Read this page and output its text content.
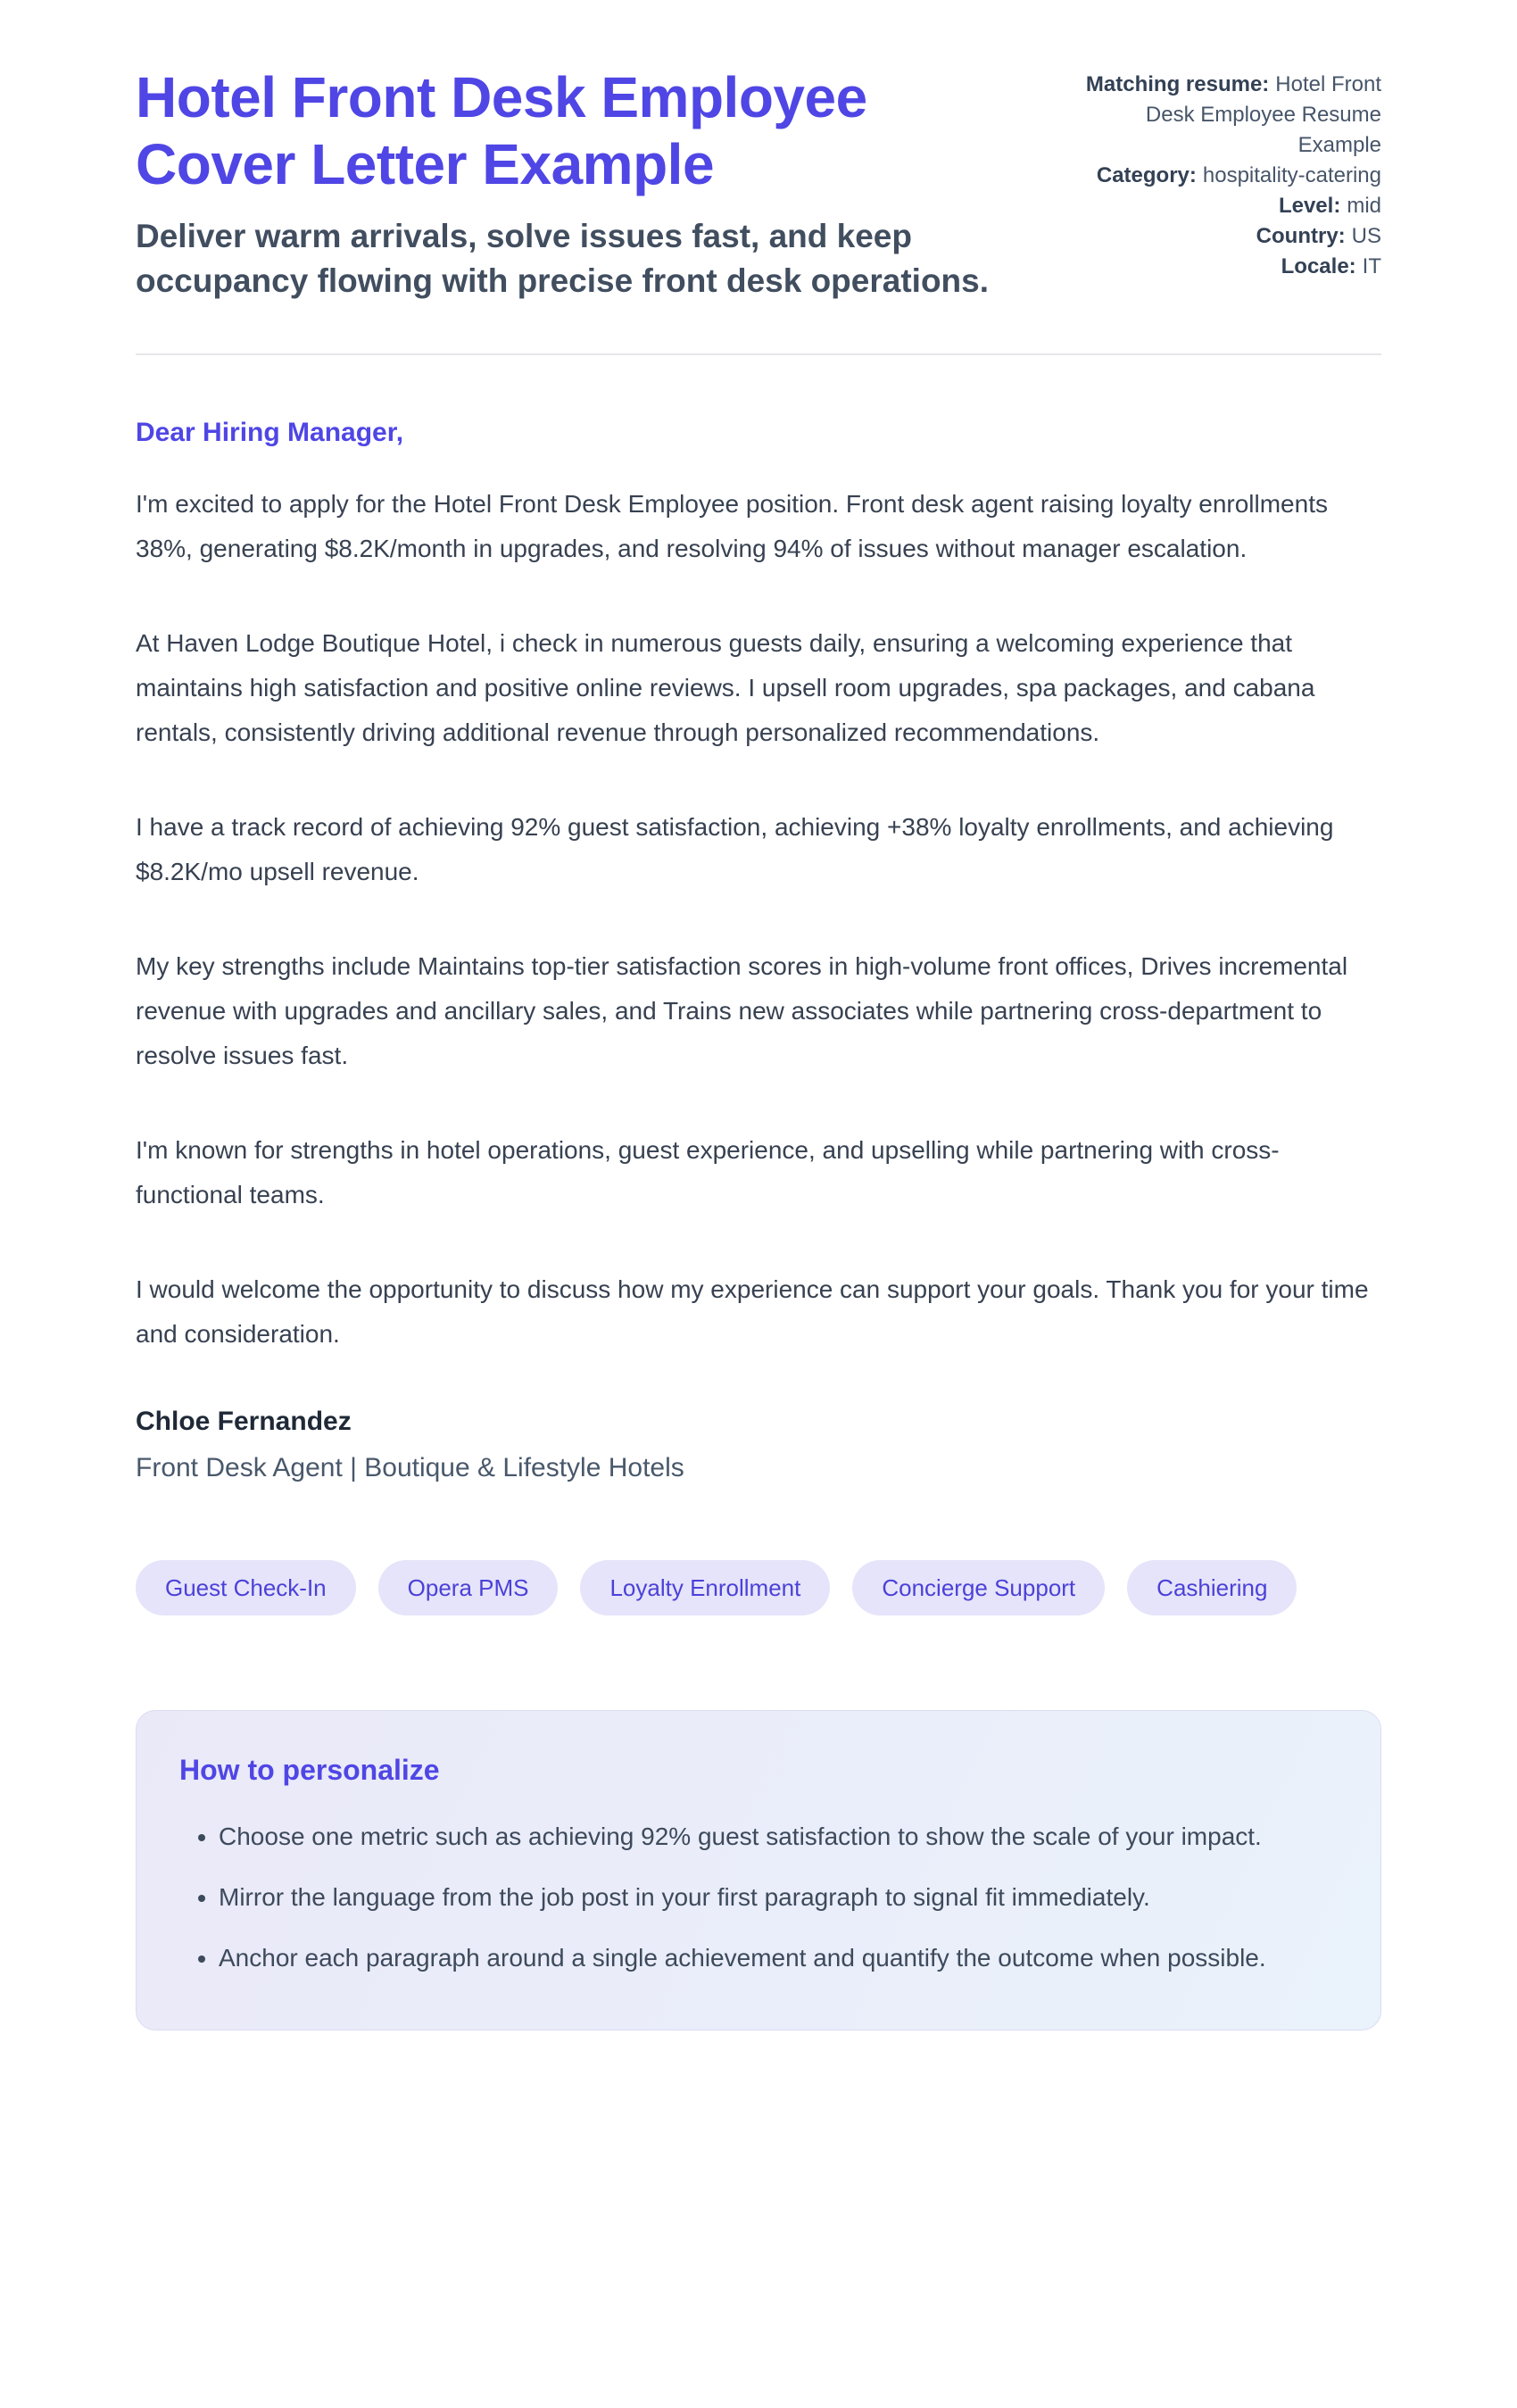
Hotel Front Desk Employee Cover Letter Example

Deliver warm arrivals, solve issues fast, and keep occupancy flowing with precise front desk operations.

Matching resume: Hotel Front Desk Employee Resume Example
Category: hospitality-catering
Level: mid
Country: US
Locale: IT

Dear Hiring Manager,

I'm excited to apply for the Hotel Front Desk Employee position. Front desk agent raising loyalty enrollments 38%, generating $8.2K/month in upgrades, and resolving 94% of issues without manager escalation.

At Haven Lodge Boutique Hotel, i check in numerous guests daily, ensuring a welcoming experience that maintains high satisfaction and positive online reviews. I upsell room upgrades, spa packages, and cabana rentals, consistently driving additional revenue through personalized recommendations.

I have a track record of achieving 92% guest satisfaction, achieving +38% loyalty enrollments, and achieving $8.2K/mo upsell revenue.

My key strengths include Maintains top-tier satisfaction scores in high-volume front offices, Drives incremental revenue with upgrades and ancillary sales, and Trains new associates while partnering cross-department to resolve issues fast.

I'm known for strengths in hotel operations, guest experience, and upselling while partnering with cross-functional teams.

I would welcome the opportunity to discuss how my experience can support your goals. Thank you for your time and consideration.

Chloe Fernandez

Front Desk Agent | Boutique & Lifestyle Hotels

Guest Check-In	Opera PMS	Loyalty Enrollment	Concierge Support	Cashiering
How to personalize
• Choose one metric such as achieving 92% guest satisfaction to show the scale of your impact.
• Mirror the language from the job post in your first paragraph to signal fit immediately.
• Anchor each paragraph around a single achievement and quantify the outcome when possible.
